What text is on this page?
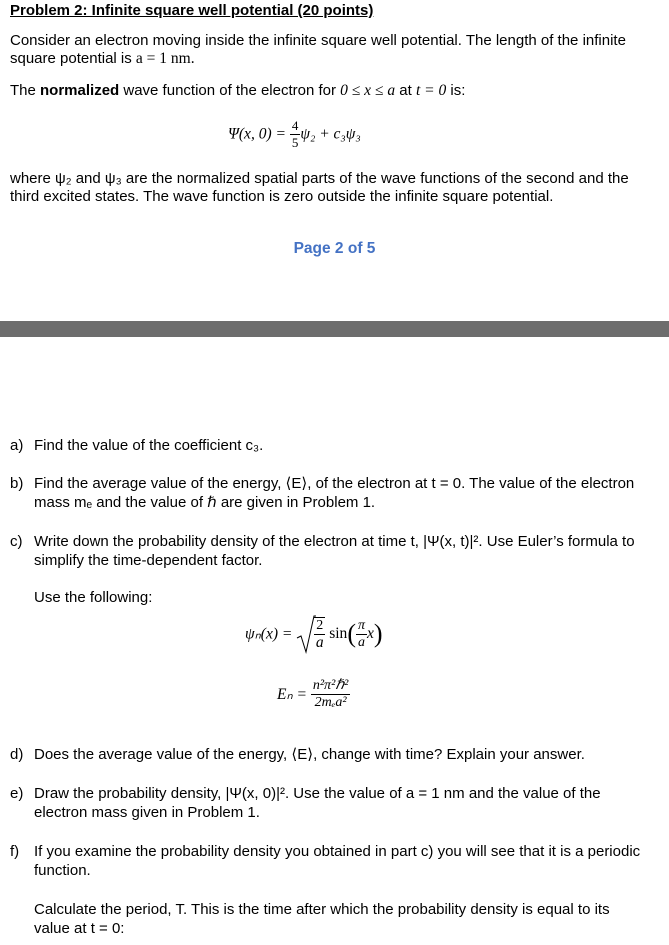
Problem 2: Infinite square well potential (20 points)
Consider an electron moving inside the infinite square well potential. The length of the infinite square potential is a = 1 nm.
The normalized wave function of the electron for 0 ≤ x ≤ a at t = 0 is:
Ψ(x, $0) = \frac{4}{5} \psi_2 + c_3\psi_3$
where ψ₂ and ψ₃ are the normalized spatial parts of the wave functions of the second and the third excited states. The wave function is zero outside the infinite square potential.
Page 2 of 5
a) Find the value of the coefficient c₃.
b) Find the average value of the energy, ⟨E⟩, of the electron at t = 0. The value of the electron mass mₑ and the value of ℏ are given in Problem 1.
c) Write down the probability density of the electron at time t, |Ψ(x, t)|². Use Euler’s formula to simplify the time-dependent factor.
Use the following:
$\psi_n(x) = \frac{2}{a} \sin( \frac{\pi}{a} x)$
$E_n = \frac{\text{n²π²ℏ²}}{\text{2mₑa²}}$
d) Does the average value of the energy, ⟨E⟩, change with time? Explain your answer.
e) Draw the probability density, |Ψ(x, 0)|². Use the value of a = 1 nm and the value of the electron mass given in Problem 1.
f) If you examine the probability density you obtained in part c) you will see that it is a periodic function.
Calculate the period, T. This is the time after which the probability density is equal to its value at t = 0:
